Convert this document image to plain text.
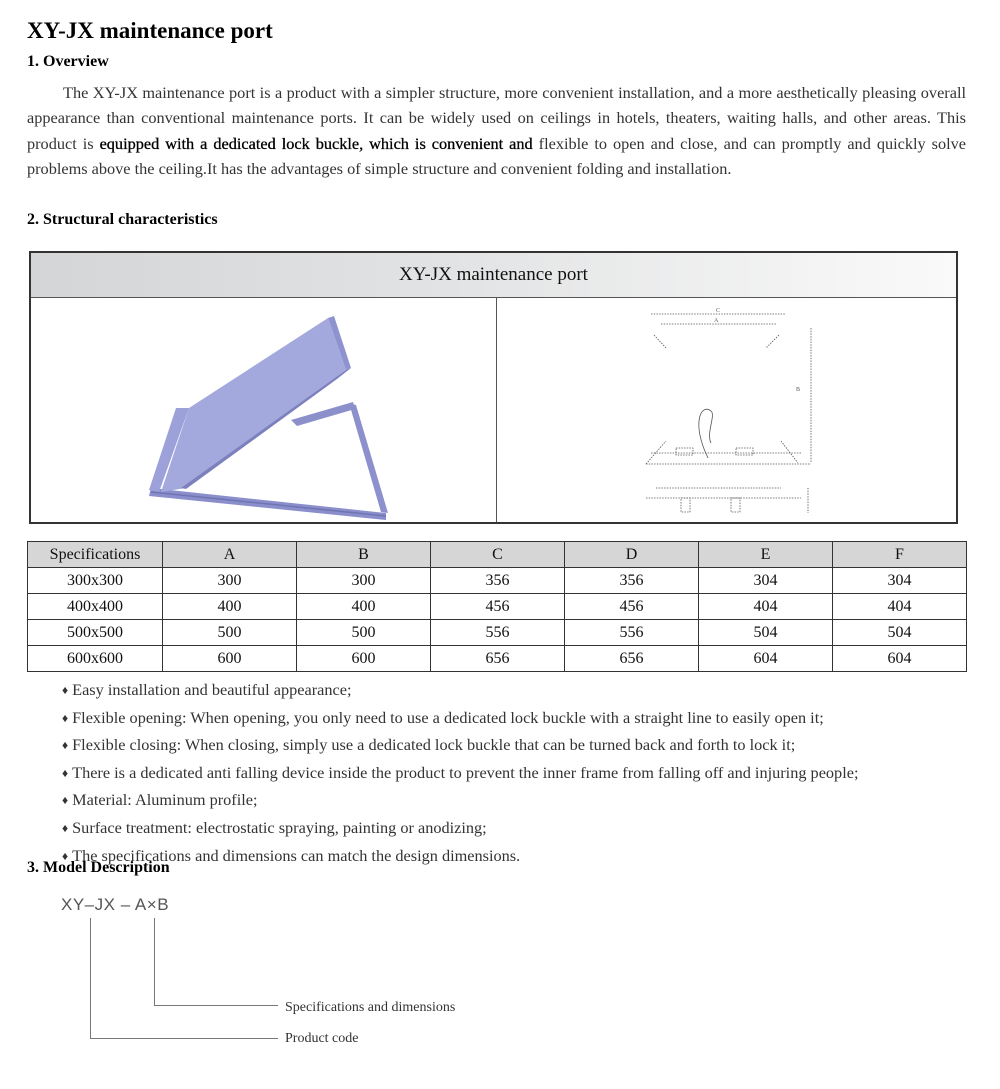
XY-JX maintenance port
1. Overview
The XY-JX maintenance port is a product with a simpler structure, more convenient installation, and a more aesthetically pleasing overall appearance than conventional maintenance ports. It can be widely used on ceilings in hotels, theaters, waiting halls, and other areas. This product is equipped with a dedicated lock buckle, which is convenient and flexible to open and close, and can promptly and quickly solve problems above the ceiling.It has the advantages of simple structure and convenient folding and installation.
2. Structural characteristics
XY-JX maintenance port
C
A
B
Specifications	A	B	C	D	E	F
300x300	300	300	356	356	304	304
400x400	400	400	456	456	404	404
500x500	500	500	556	556	504	504
600x600	600	600	656	656	604	604
♦ Easy installation and beautiful appearance;
♦ Flexible opening: When opening, you only need to use a dedicated lock buckle with a straight line to easily open it;
♦ Flexible closing: When closing, simply use a dedicated lock buckle that can be turned back and forth to lock it;
♦ There is a dedicated anti falling device inside the product to prevent the inner frame from falling off and injuring people;
♦ Material: Aluminum profile;
♦ Surface treatment: electrostatic spraying, painting or anodizing;
♦ The specifications and dimensions can match the design dimensions.
3. Model Description
XY–JX – A×B
Specifications and dimensions
Product code
